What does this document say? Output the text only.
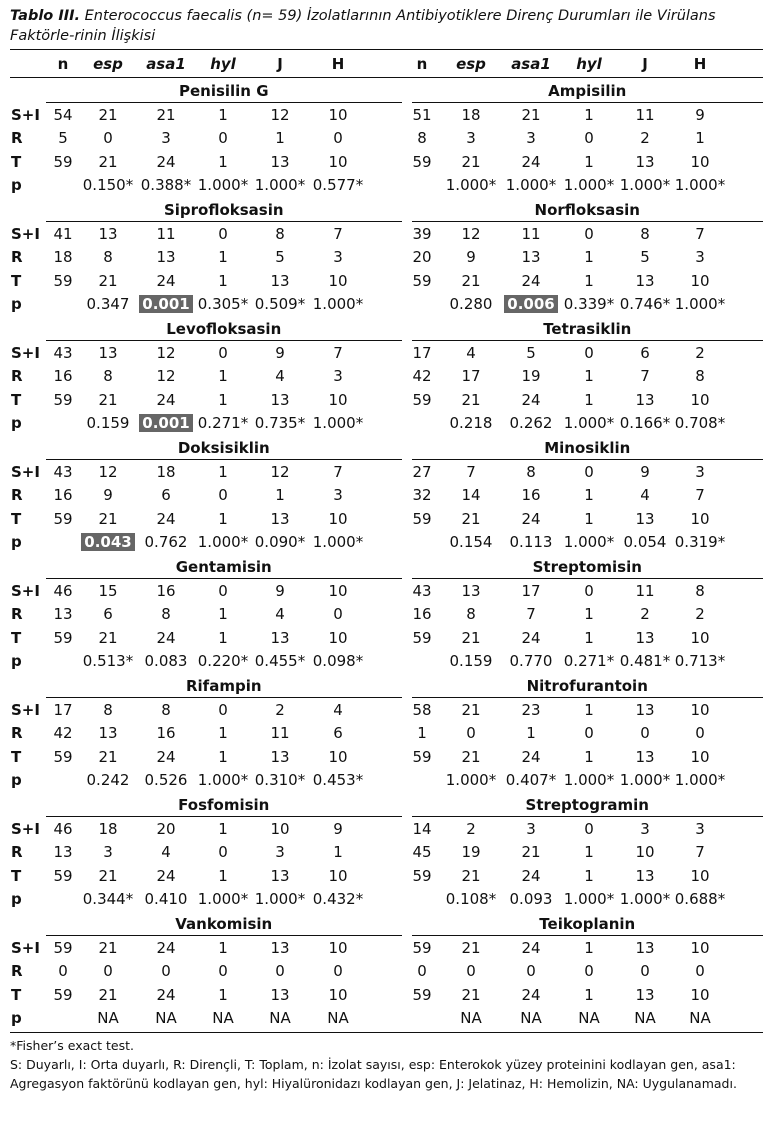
Tablo III. Enterococcus faecalis (n= 59) İzolatlarının Antibiyotiklere Direnç Durumları ile Virülans Faktörle-rinin İlişkisi

n	esp	asa1	hyl	J	H	n	esp	asa1	hyl	J	H
Penisilin G	Ampisilin
S+I 54	21	21	1	12	10	51	18	21	1	11	9
R	5	0	3	0	1	0	8	3	3	0	2	1
T	59	21	24	1	13	10	59	21	24	1	13	10
p	0.150* 0.388* 1.000* 1.000* 0.577*	1.000* 1.000* 1.000* 1.000* 1.000*
Siprofloksasin	Norfloksasin
S+I 41	13	11	0	8	7	39	12	11	0	8	7
R	18	8	13	1	5	3	20	9	13	1	5	3
T	59	21	24	1	13	10	59	21	24	1	13	10
p	0.347 0.001 0.305* 0.509* 1.000*	0.280 0.006 0.339* 0.746* 1.000*
Levofloksasin	Tetrasiklin
S+I 43	13	12	0	9	7	17	4	5	0	6	2
R	16	8	12	1	4	3	42	17	19	1	7	8
T	59	21	24	1	13	10	59	21	24	1	13	10
p	0.159 0.001 0.271* 0.735* 1.000*	0.218	0.262 1.000* 0.166* 0.708*
Doksisiklin	Minosiklin
S+I 43	12	18	1	12	7	27	7	8	0	9	3
R	16	9	6	0	1	3	32	14	16	1	4	7
T	59	21	24	1	13	10	59	21	24	1	13	10
p	0.043 0.762 1.000* 0.090* 1.000*	0.154	0.113 1.000* 0.054 0.319*
Gentamisin	Streptomisin
S+I 46	15	16	0	9	10	43	13	17	0	11	8
R	13	6	8	1	4	0	16	8	7	1	2	2
T	59	21	24	1	13	10	59	21	24	1	13	10
p	0.513* 0.083 0.220* 0.455* 0.098*	0.159	0.770 0.271* 0.481* 0.713*
Rifampin	Nitrofurantoin
S+I 17	8	8	0	2	4	58	21	23	1	13	10
R	42	13	16	1	11	6	1	0	1	0	0	0
T	59	21	24	1	13	10	59	21	24	1	13	10
p	0.242	0.526 1.000* 0.310* 0.453*	1.000* 0.407* 1.000* 1.000* 1.000*
Fosfomisin	Streptogramin
S+I 46	18	20	1	10	9	14	2	3	0	3	3
R	13	3	4	0	3	1	45	19	21	1	10	7
T	59	21	24	1	13	10	59	21	24	1	13	10
p	0.344* 0.410 1.000* 1.000* 0.432*	0.108* 0.093 1.000* 1.000* 0.688*
Vankomisin	Teikoplanin
S+I 59	21	24	1	13	10	59	21	24	1	13	10
R	0	0	0	0	0	0	0	0	0	0	0	0
T	59	21	24	1	13	10	59	21	24	1	13	10
p	NA	NA	NA	NA	NA	NA	NA	NA	NA	NA

*Fisher’s exact test.

S: Duyarlı, I: Orta duyarlı, R: Dirençli, T: Toplam, n: İzolat sayısı, esp: Enterokok yüzey proteinini kodlayan gen, asa1: Agregasyon faktörünü kodlayan gen, hyl: Hiyalüronidazı kodlayan gen, J: Jelatinaz, H: Hemolizin, NA: Uygulanamadı.
